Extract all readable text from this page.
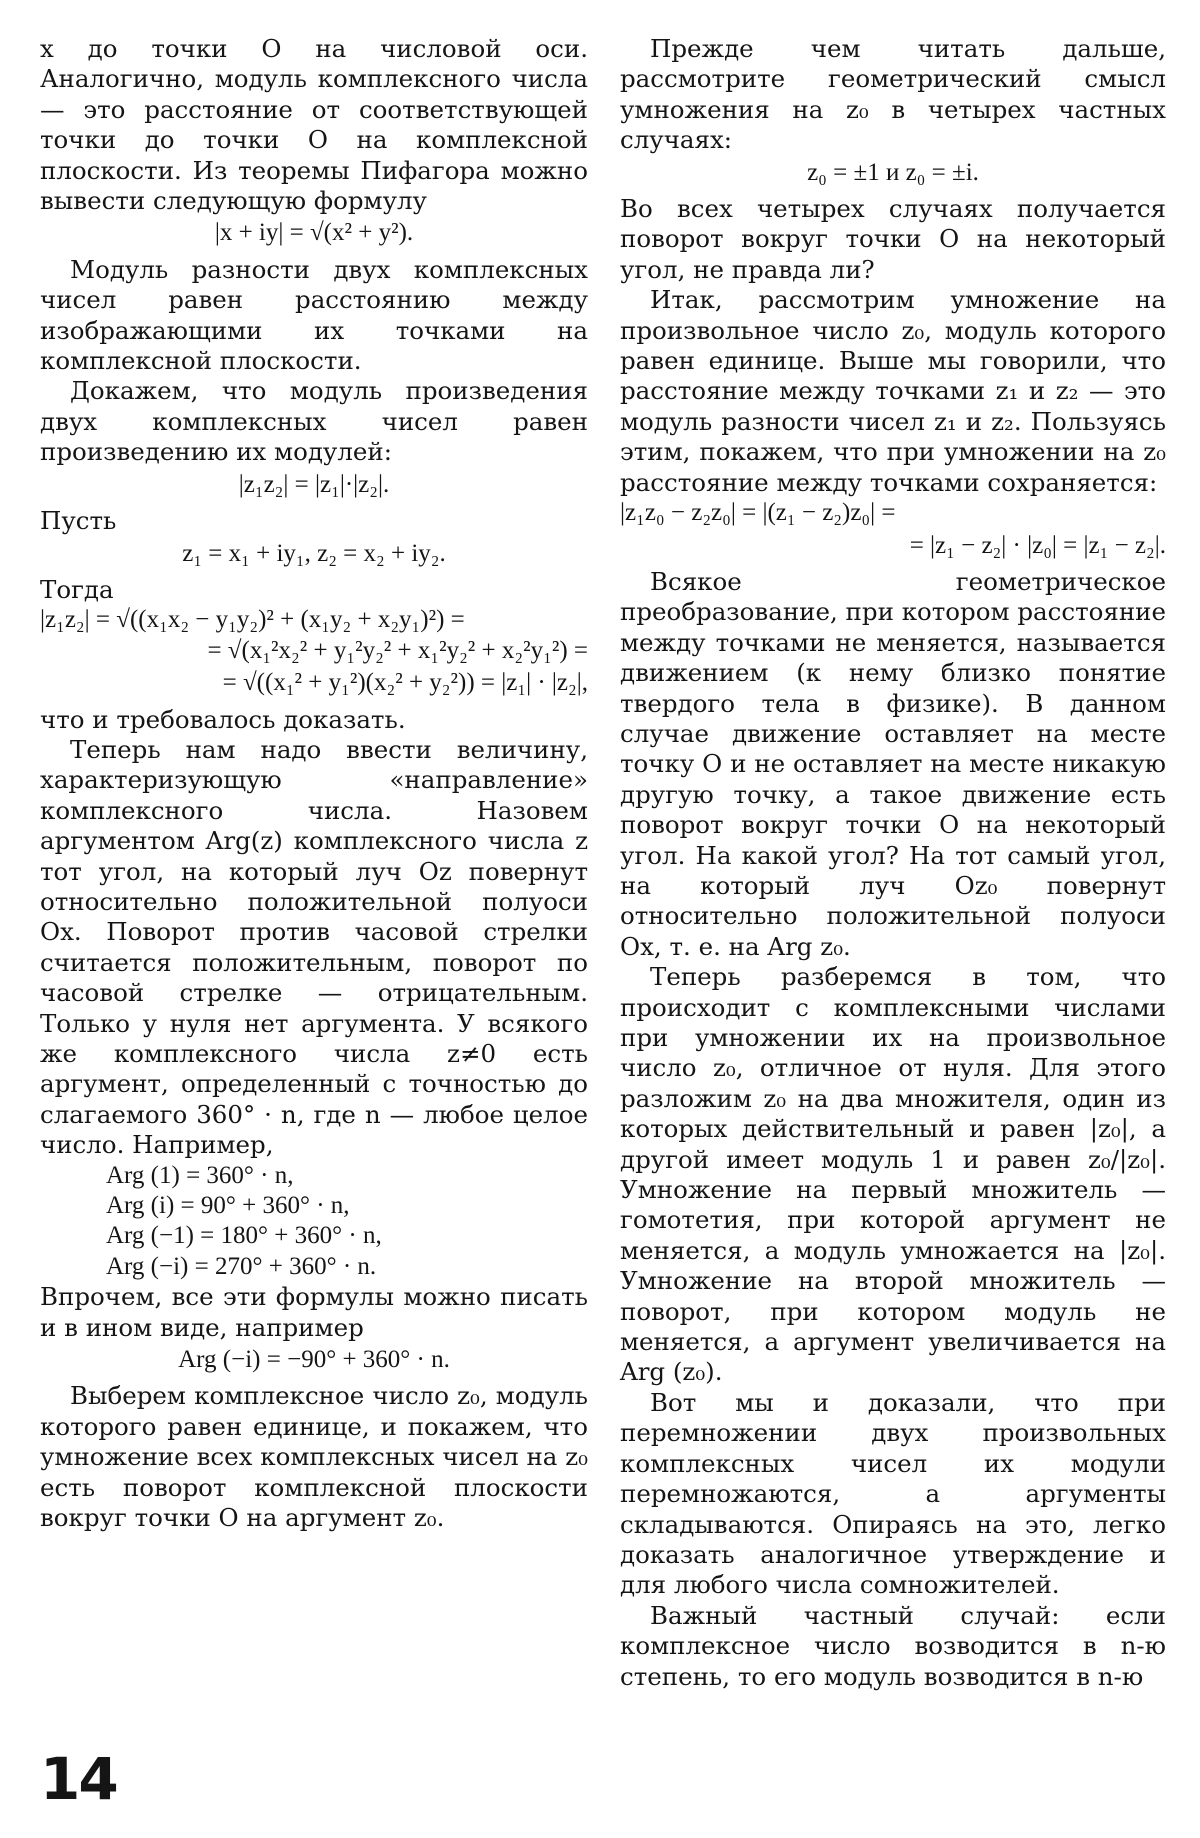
x до точки O на числовой оси. Аналогично, модуль комплексного числа — это расстояние от соответствующей точки до точки O на комплексной плоскости. Из теоремы Пифагора можно вывести следующую формулу

|x + iy| = √(x² + y²).

Модуль разности двух комплексных чисел равен расстоянию между изображающими их точками на комплексной плоскости.

Докажем, что модуль произведения двух комплексных чисел равен произведению их модулей:

|z₁z₂| = |z₁|·|z₂|.

Пусть

z₁ = x₁ + iy₁, z₂ = x₂ + iy₂.

Тогда

|z₁z₂| = √((x₁x₂ − y₁y₂)² + (x₁y₂ + x₂y₁)²) =
= √(x₁²x₂² + y₁²y₂² + x₁²y₂² + x₂²y₁²) =
= √((x₁² + y₁²)(x₂² + y₂²)) = |z₁| · |z₂|,

что и требовалось доказать.

Теперь нам надо ввести величину, характеризующую «направление» комплексного числа. Назовем аргументом Arg(z) комплексного числа z тот угол, на который луч Oz повернут относительно положительной полуоси Ox. Поворот против часовой стрелки считается положительным, поворот по часовой стрелке — отрицательным. Только у нуля нет аргумента. У всякого же комплексного числа z≠0 есть аргумент, определенный с точностью до слагаемого 360° · n, где n — любое целое число. Например,

Arg (1) = 360° · n,
Arg (i) = 90° + 360° · n,
Arg (−1) = 180° + 360° · n,
Arg (−i) = 270° + 360° · n.

Впрочем, все эти формулы можно писать и в ином виде, например

Arg (−i) = −90° + 360° · n.

Выберем комплексное число z₀, модуль которого равен единице, и покажем, что умножение всех комплексных чисел на z₀ есть поворот комплексной плоскости вокруг точки O на аргумент z₀.

Прежде чем читать дальше, рассмотрите геометрический смысл умножения на z₀ в четырех частных случаях:

z₀ = ±1 и z₀ = ±i.

Во всех четырех случаях получается поворот вокруг точки O на некоторый угол, не правда ли?

Итак, рассмотрим умножение на произвольное число z₀, модуль которого равен единице. Выше мы говорили, что расстояние между точками z₁ и z₂ — это модуль разности чисел z₁ и z₂. Пользуясь этим, покажем, что при умножении на z₀ расстояние между точками сохраняется:

|z₁z₀ − z₂z₀| = |(z₁ − z₂)z₀| =
= |z₁ − z₂| · |z₀| = |z₁ − z₂|.

Всякое геометрическое преобразование, при котором расстояние между точками не меняется, называется движением (к нему близко понятие твердого тела в физике). В данном случае движение оставляет на месте точку O и не оставляет на месте никакую другую точку, а такое движение есть поворот вокруг точки O на некоторый угол. На какой угол? На тот самый угол, на который луч Oz₀ повернут относительно положительной полуоси Ox, т. е. на Arg z₀.

Теперь разберемся в том, что происходит с комплексными числами при умножении их на произвольное число z₀, отличное от нуля. Для этого разложим z₀ на два множителя, один из которых действительный и равен |z₀|, а другой имеет модуль 1 и равен z₀/|z₀|. Умножение на первый множитель — гомотетия, при которой аргумент не меняется, а модуль умножается на |z₀|. Умножение на второй множитель — поворот, при котором модуль не меняется, а аргумент увеличивается на Arg (z₀).

Вот мы и доказали, что при перемножении двух произвольных комплексных чисел их модули перемножаются, а аргументы складываются. Опираясь на это, легко доказать аналогичное утверждение и для любого числа сомножителей.

Важный частный случай: если комплексное число возводится в n-ю степень, то его модуль возводится в n-ю

14
